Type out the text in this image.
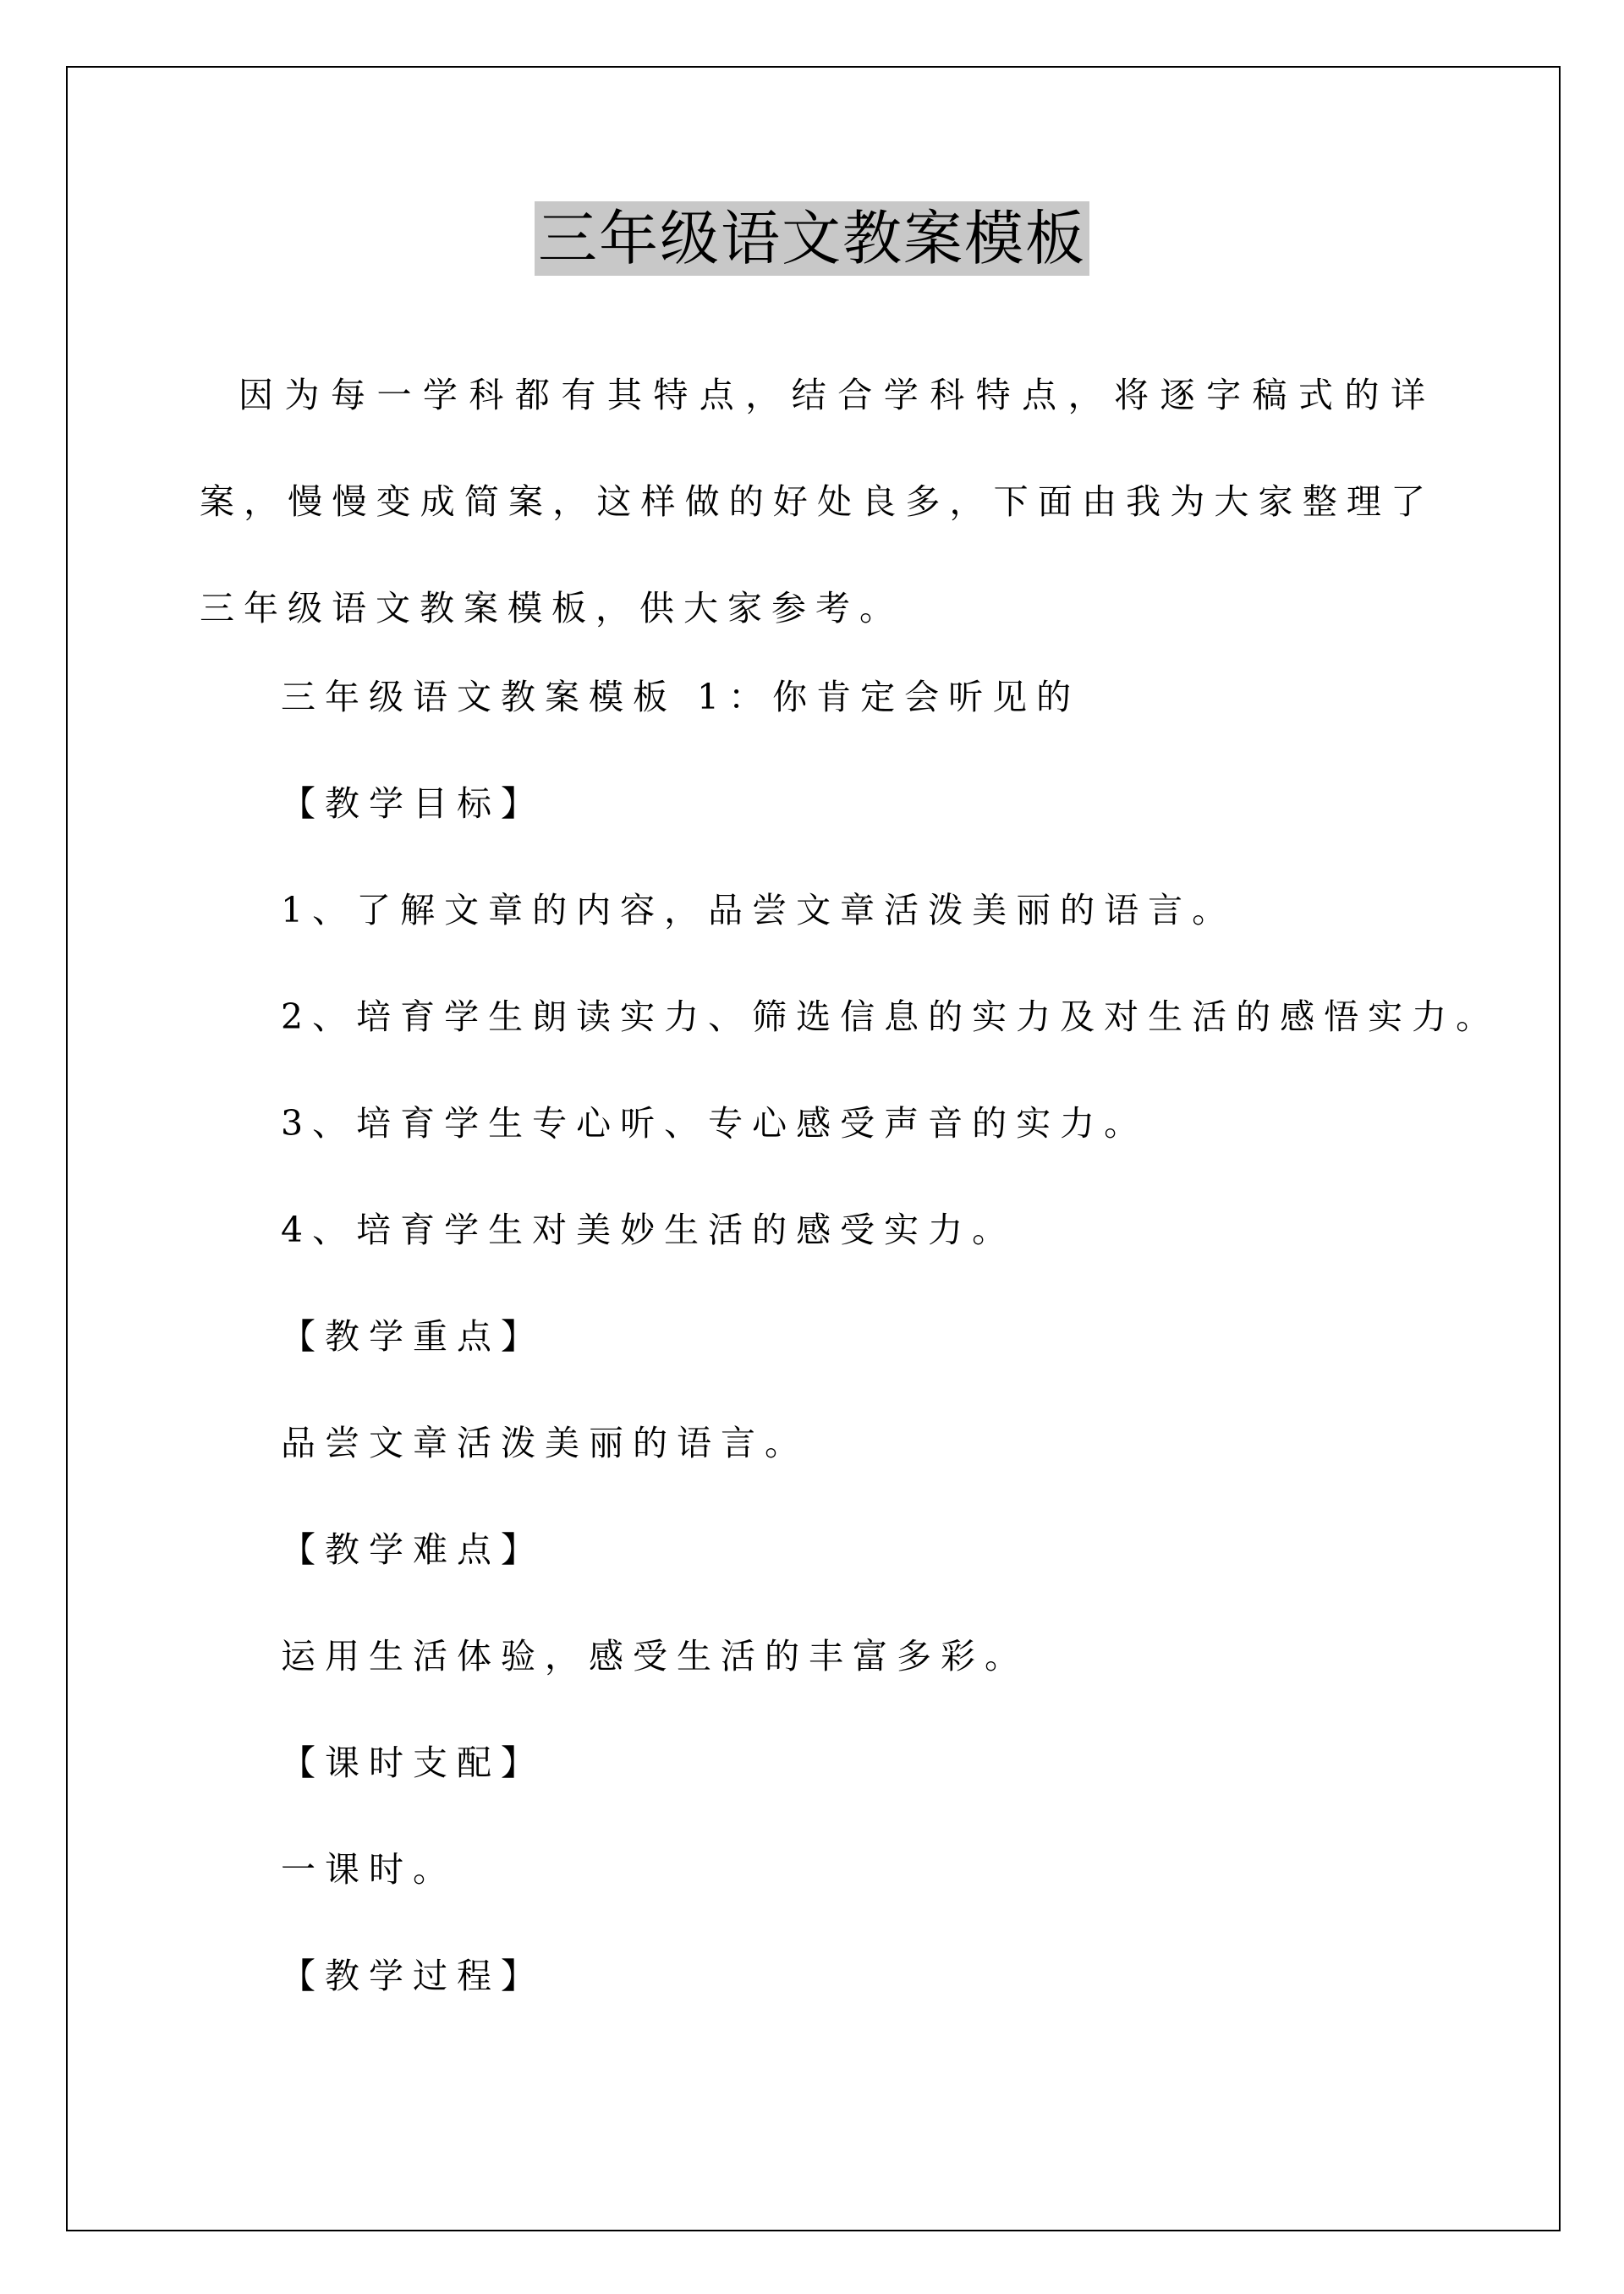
三年级语文教案模板

因为每一学科都有其特点，结合学科特点，将逐字稿式的详案，慢慢变成简案，这样做的好处良多，下面由我为大家整理了三年级语文教案模板，供大家参考。

三年级语文教案模板 1：你肯定会听见的
【教学目标】
1、了解文章的内容，品尝文章活泼美丽的语言。
2、培育学生朗读实力、筛选信息的实力及对生活的感悟实力。
3、培育学生专心听、专心感受声音的实力。
4、培育学生对美妙生活的感受实力。
【教学重点】
品尝文章活泼美丽的语言。
【教学难点】
运用生活体验，感受生活的丰富多彩。
【课时支配】
一课时。
【教学过程】
